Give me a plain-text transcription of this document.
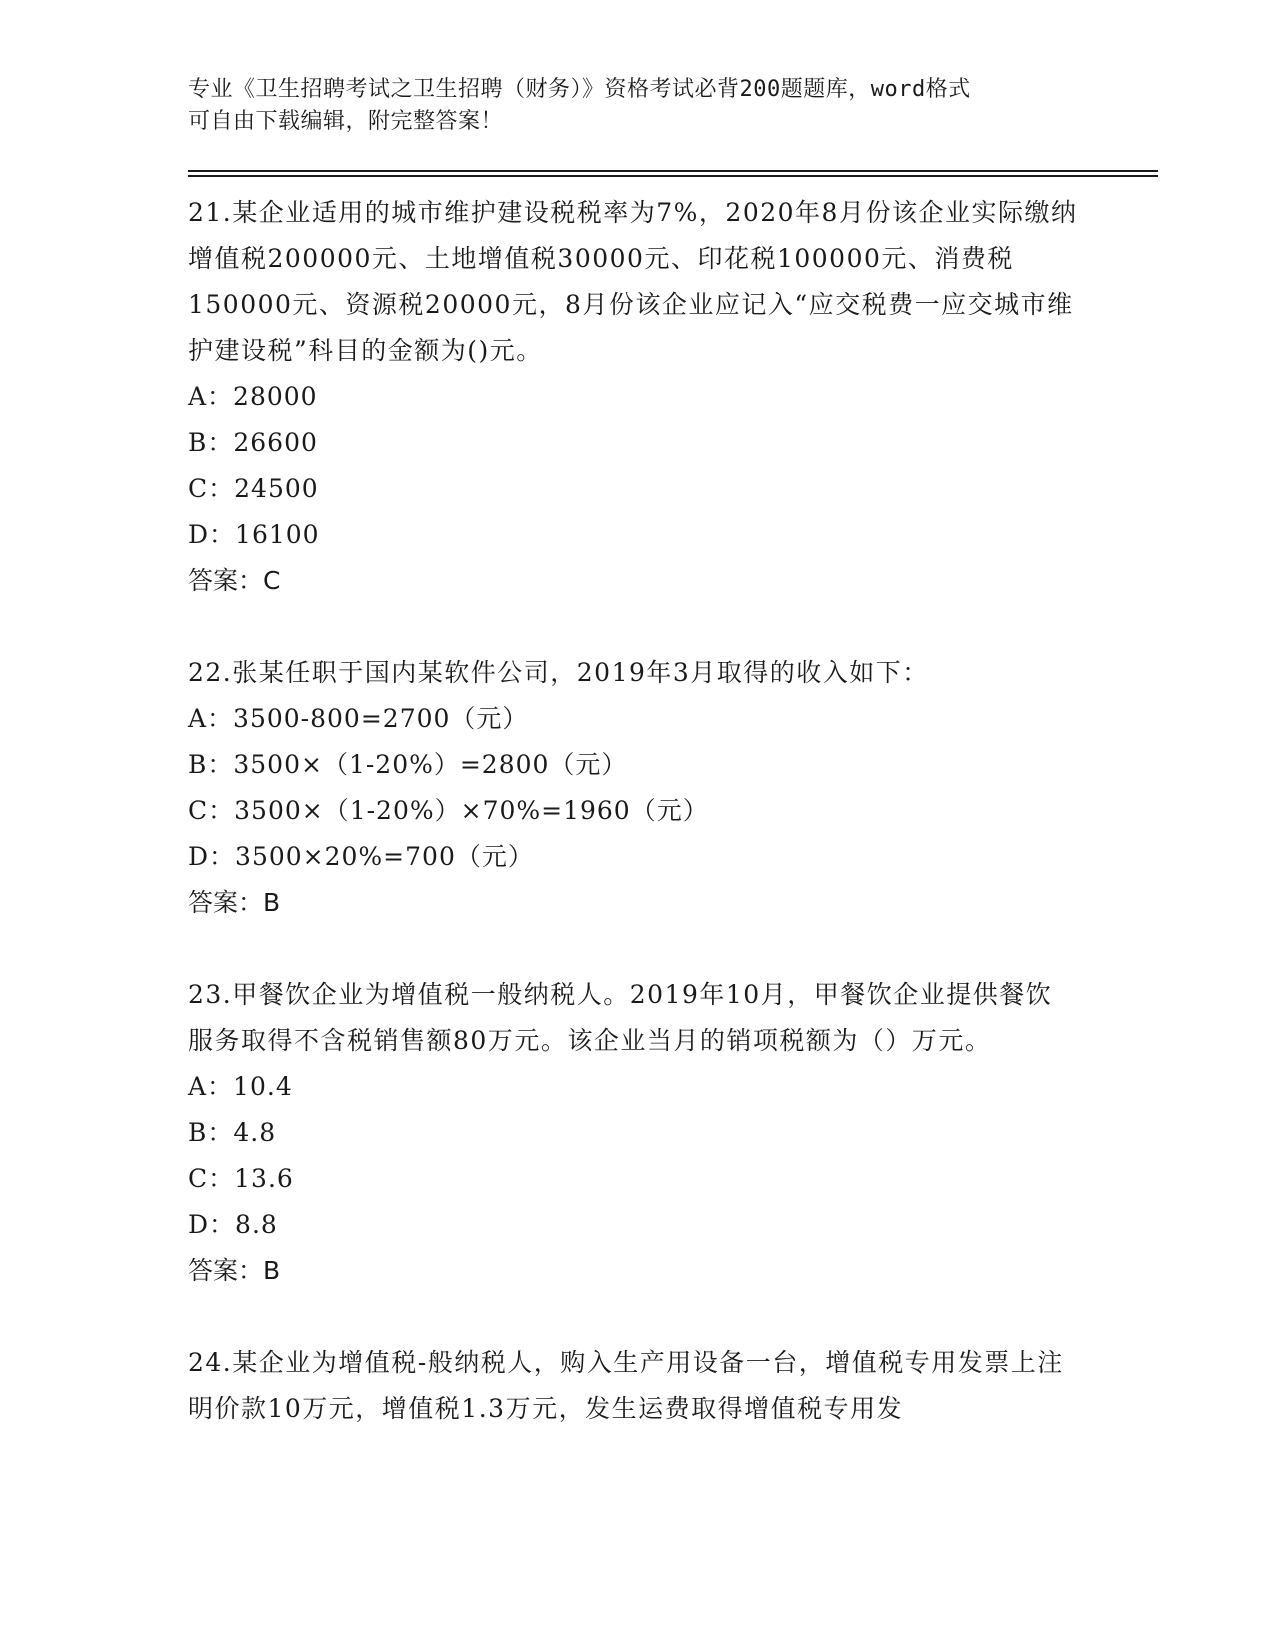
专业《卫生招聘考试之卫生招聘（财务）》资格考试必背200题题库，word格式
可自由下载编辑，附完整答案！

21.某企业适用的城市维护建设税税率为7%，2020年8月份该企业实际缴纳增值税200000元、土地增值税30000元、印花税100000元、消费税150000元、资源税20000元，8月份该企业应记入“应交税费一应交城市维护建设税”科目的金额为()元。

A：28000

B：26600

C：24500

D：16100

答案：C

22.张某任职于国内某软件公司，2019年3月取得的收入如下：

A：3500-800=2700（元）

B：3500×（1-20%）=2800（元）

C：3500×（1-20%）×70%=1960（元）

D：3500×20%=700（元）

答案：B

23.甲餐饮企业为增值税一般纳税人。2019年10月，甲餐饮企业提供餐饮服务取得不含税销售额80万元。该企业当月的销项税额为（）万元。

A：10.4

B：4.8

C：13.6

D：8.8

答案：B

24.某企业为增值税-般纳税人，购入生产用设备一台，增值税专用发票上注明价款10万元，增值税1.3万元，发生运费取得增值税专用发
